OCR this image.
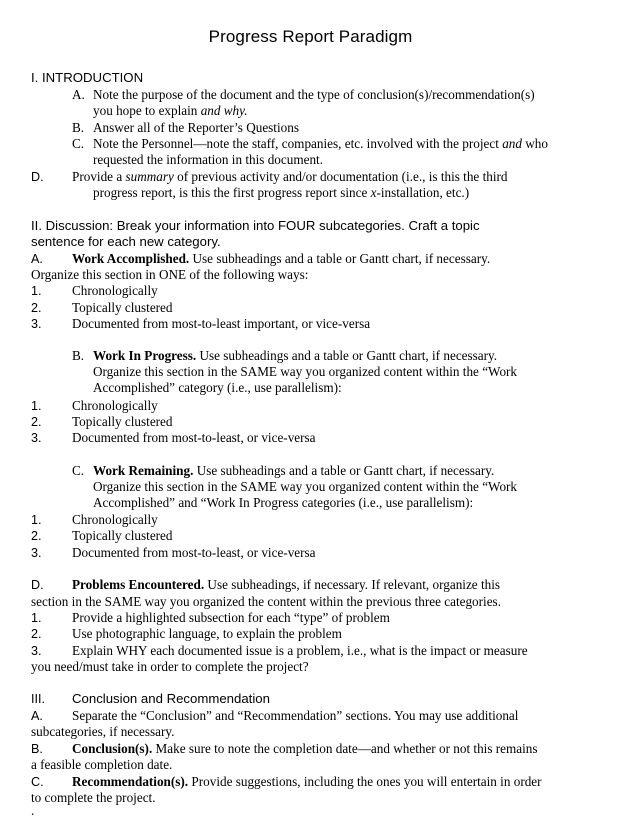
Progress Report Paradigm
I. INTRODUCTION
A. Note the purpose of the document and the type of conclusion(s)/recommendation(s)
you hope to explain and why.
B. Answer all of the Reporter’s Questions
C. Note the Personnel—note the staff, companies, etc. involved with the project and who
requested the information in this document.
D. Provide a summary of previous activity and/or documentation (i.e., is this the third
progress report, is this the first progress report since x-installation, etc.)
II. Discussion: Break your information into FOUR subcategories. Craft a topic
sentence for each new category.
A. Work Accomplished. Use subheadings and a table or Gantt chart, if necessary.
Organize this section in ONE of the following ways:
1. Chronologically
2. Topically clustered
3. Documented from most-to-least important, or vice-versa
B. Work In Progress. Use subheadings and a table or Gantt chart, if necessary.
Organize this section in the SAME way you organized content within the “Work
Accomplished” category (i.e., use parallelism):
1. Chronologically
2. Topically clustered
3. Documented from most-to-least, or vice-versa
C. Work Remaining. Use subheadings and a table or Gantt chart, if necessary.
Organize this section in the SAME way you organized content within the “Work
Accomplished” and “Work In Progress categories (i.e., use parallelism):
1. Chronologically
2. Topically clustered
3. Documented from most-to-least, or vice-versa
D. Problems Encountered. Use subheadings, if necessary. If relevant, organize this
section in the SAME way you organized the content within the previous three categories.
1. Provide a highlighted subsection for each “type” of problem
2. Use photographic language, to explain the problem
3. Explain WHY each documented issue is a problem, i.e., what is the impact or measure
you need/must take in order to complete the project?
III. Conclusion and Recommendation
A. Separate the “Conclusion” and “Recommendation” sections. You may use additional
subcategories, if necessary.
B. Conclusion(s). Make sure to note the completion date—and whether or not this remains
a feasible completion date.
C. Recommendation(s). Provide suggestions, including the ones you will entertain in order
to complete the project.
.
